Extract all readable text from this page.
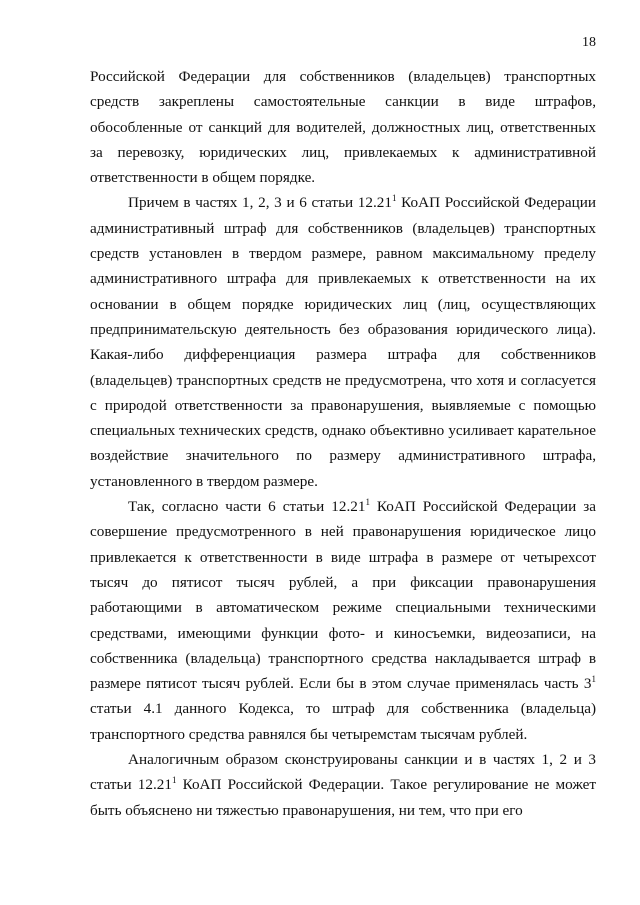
18

Российской Федерации для собственников (владельцев) транспортных средств закреплены самостоятельные санкции в виде штрафов, обособленные от санкций для водителей, должностных лиц, ответственных за перевозку, юридических лиц, привлекаемых к административной ответственности в общем порядке.

Причем в частях 1, 2, 3 и 6 статьи 12.21$^1$ КоАП Российской Федерации административный штраф для собственников (владельцев) транспортных средств установлен в твердом размере, равном максимальному пределу административного штрафа для привлекаемых к ответственности на их основании в общем порядке юридических лиц (лиц, осуществляющих предпринимательскую деятельность без образования юридического лица). Какая-либо дифференциация размера штрафа для собственников (владельцев) транспортных средств не предусмотрена, что хотя и согласуется с природой ответственности за правонарушения, выявляемые с помощью специальных технических средств, однако объективно усиливает карательное воздействие значительного по размеру административного штрафа, установленного в твердом размере.

Так, согласно части 6 статьи 12.21$^1$ КоАП Российской Федерации за совершение предусмотренного в ней правонарушения юридическое лицо привлекается к ответственности в виде штрафа в размере от четырехсот тысяч до пятисот тысяч рублей, а при фиксации правонарушения работающими в автоматическом режиме специальными техническими средствами, имеющими функции фото- и киносъемки, видеозаписи, на собственника (владельца) транспортного средства накладывается штраф в размере пятисот тысяч рублей. Если бы в этом случае применялась часть $3^1$ статьи 4.1 данного Кодекса, то штраф для собственника (владельца) транспортного средства равнялся бы четыремстам тысячам рублей.

Аналогичным образом сконструированы санкции и в частях 1, 2 и 3 статьи 12.21$^1$ КоАП Российской Федерации. Такое регулирование не может быть объяснено ни тяжестью правонарушения, ни тем, что при его
